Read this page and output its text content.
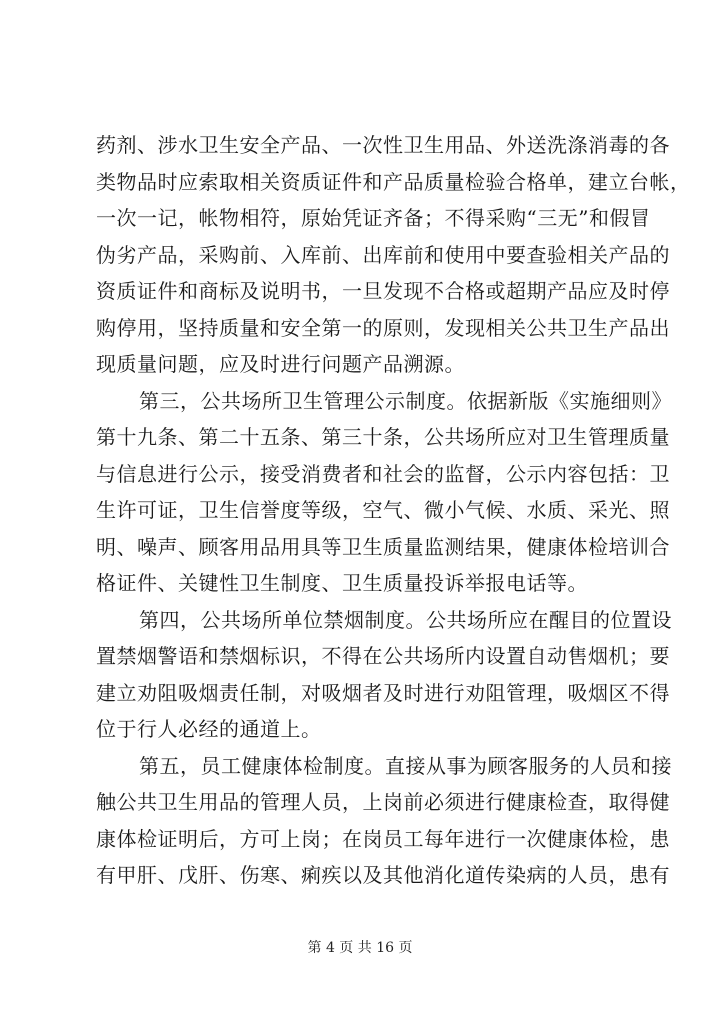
药剂、涉水卫生安全产品、一次性卫生用品、外送洗涤消毒的各
类物品时应索取相关资质证件和产品质量检验合格单，建立台帐，
一次一记，帐物相符，原始凭证齐备；不得采购“三无”和假冒
伪劣产品，采购前、入库前、出库前和使用中要查验相关产品的
资质证件和商标及说明书，一旦发现不合格或超期产品应及时停
购停用，坚持质量和安全第一的原则，发现相关公共卫生产品出
现质量问题，应及时进行问题产品溯源。
第三，公共场所卫生管理公示制度。依据新版《实施细则》
第十九条、第二十五条、第三十条，公共场所应对卫生管理质量
与信息进行公示，接受消费者和社会的监督，公示内容包括：卫
生许可证，卫生信誉度等级，空气、微小气候、水质、采光、照
明、噪声、顾客用品用具等卫生质量监测结果，健康体检培训合
格证件、关键性卫生制度、卫生质量投诉举报电话等。
第四，公共场所单位禁烟制度。公共场所应在醒目的位置设
置禁烟警语和禁烟标识，不得在公共场所内设置自动售烟机；要
建立劝阻吸烟责任制，对吸烟者及时进行劝阻管理，吸烟区不得
位于行人必经的通道上。
第五，员工健康体检制度。直接从事为顾客服务的人员和接
触公共卫生用品的管理人员，上岗前必须进行健康检查，取得健
康体检证明后，方可上岗；在岗员工每年进行一次健康体检，患
有甲肝、戊肝、伤寒、痢疾以及其他消化道传染病的人员，患有
第 4 页 共 16 页
